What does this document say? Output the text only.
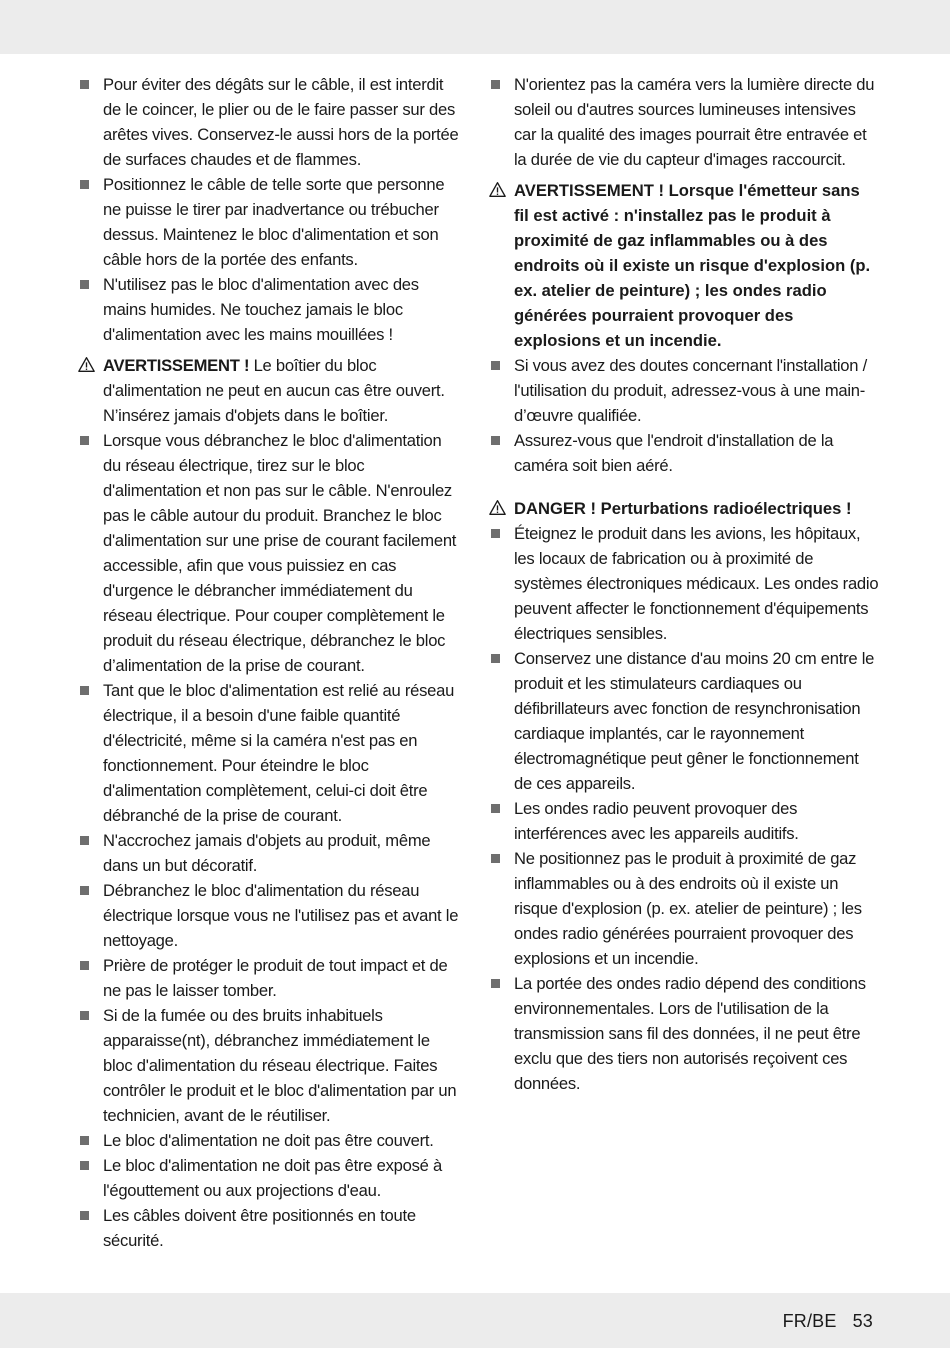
Pour éviter des dégâts sur le câble, il est interdit de le coincer, le plier ou de le faire passer sur des arêtes vives. Conservez-le aussi hors de la portée de surfaces chaudes et de flammes.
Positionnez le câble de telle sorte que personne ne puisse le tirer par inadvertance ou trébucher dessus. Maintenez le bloc d'alimentation et son câble hors de la portée des enfants.
N'utilisez pas le bloc d'alimentation avec des mains humides. Ne touchez jamais le bloc d'alimentation avec les mains mouillées !
AVERTISSEMENT ! Le boîtier du bloc d'alimentation ne peut en aucun cas être ouvert. N’insérez jamais d'objets dans le boîtier.
Lorsque vous débranchez le bloc d'alimentation du réseau électrique, tirez sur le bloc d'alimentation et non pas sur le câble. N'enroulez pas le câble autour du produit. Branchez le bloc d'alimentation sur une prise de courant facilement accessible, afin que vous puissiez en cas d'urgence le débrancher immédiatement du réseau électrique. Pour couper complètement le produit du réseau électrique, débranchez le bloc d’alimentation de la prise de courant.
Tant que le bloc d'alimentation est relié au réseau électrique, il a besoin d'une faible quantité d'électricité, même si la caméra n'est pas en fonctionnement. Pour éteindre le bloc d'alimentation complètement, celui-ci doit être débranché de la prise de courant.
N'accrochez jamais d'objets au produit, même dans un but décoratif.
Débranchez le bloc d'alimentation du réseau électrique lorsque vous ne l'utilisez pas et avant le nettoyage.
Prière de protéger le produit de tout impact et de ne pas le laisser tomber.
Si de la fumée ou des bruits inhabituels apparaisse(nt), débranchez immédiatement le bloc d'alimentation du réseau électrique. Faites contrôler le produit et le bloc d'alimentation par un technicien, avant de le réutiliser.
Le bloc d'alimentation ne doit pas être couvert.
Le bloc d'alimentation ne doit pas être exposé à l'égouttement ou aux projections d'eau.
Les câbles doivent être positionnés en toute sécurité.
N'orientez pas la caméra vers la lumière directe du soleil ou d'autres sources lumineuses intensives car la qualité des images pourrait être entravée et la durée de vie du capteur d'images raccourcit.
AVERTISSEMENT ! Lorsque l'émetteur sans fil est activé : n'installez pas le produit à proximité de gaz inflammables ou à des endroits où il existe un risque d'explosion (p. ex. atelier de peinture) ; les ondes radio générées pourraient provoquer des explosions et un incendie.
Si vous avez des doutes concernant l'installation / l'utilisation du produit, adressez-vous à une main-d’œuvre qualifiée.
Assurez-vous que l'endroit d'installation de la caméra soit bien aéré.
DANGER ! Perturbations radioélectriques !
Éteignez le produit dans les avions, les hôpitaux, les locaux de fabrication ou à proximité de systèmes électroniques médicaux. Les ondes radio peuvent affecter le fonctionnement d'équipements électriques sensibles.
Conservez une distance d'au moins 20 cm entre le produit et les stimulateurs cardiaques ou défibrillateurs avec fonction de resynchronisation cardiaque implantés, car le rayonnement électromagnétique peut gêner le fonctionnement de ces appareils.
Les ondes radio peuvent provoquer des interférences avec les appareils auditifs.
Ne positionnez pas le produit à proximité de gaz inflammables ou à des endroits où il existe un risque d'explosion (p. ex. atelier de peinture) ; les ondes radio générées pourraient provoquer des explosions et un incendie.
La portée des ondes radio dépend des conditions environnementales. Lors de l'utilisation de la transmission sans fil des données, il ne peut être exclu que des tiers non autorisés reçoivent ces données.
FR/BE 53
